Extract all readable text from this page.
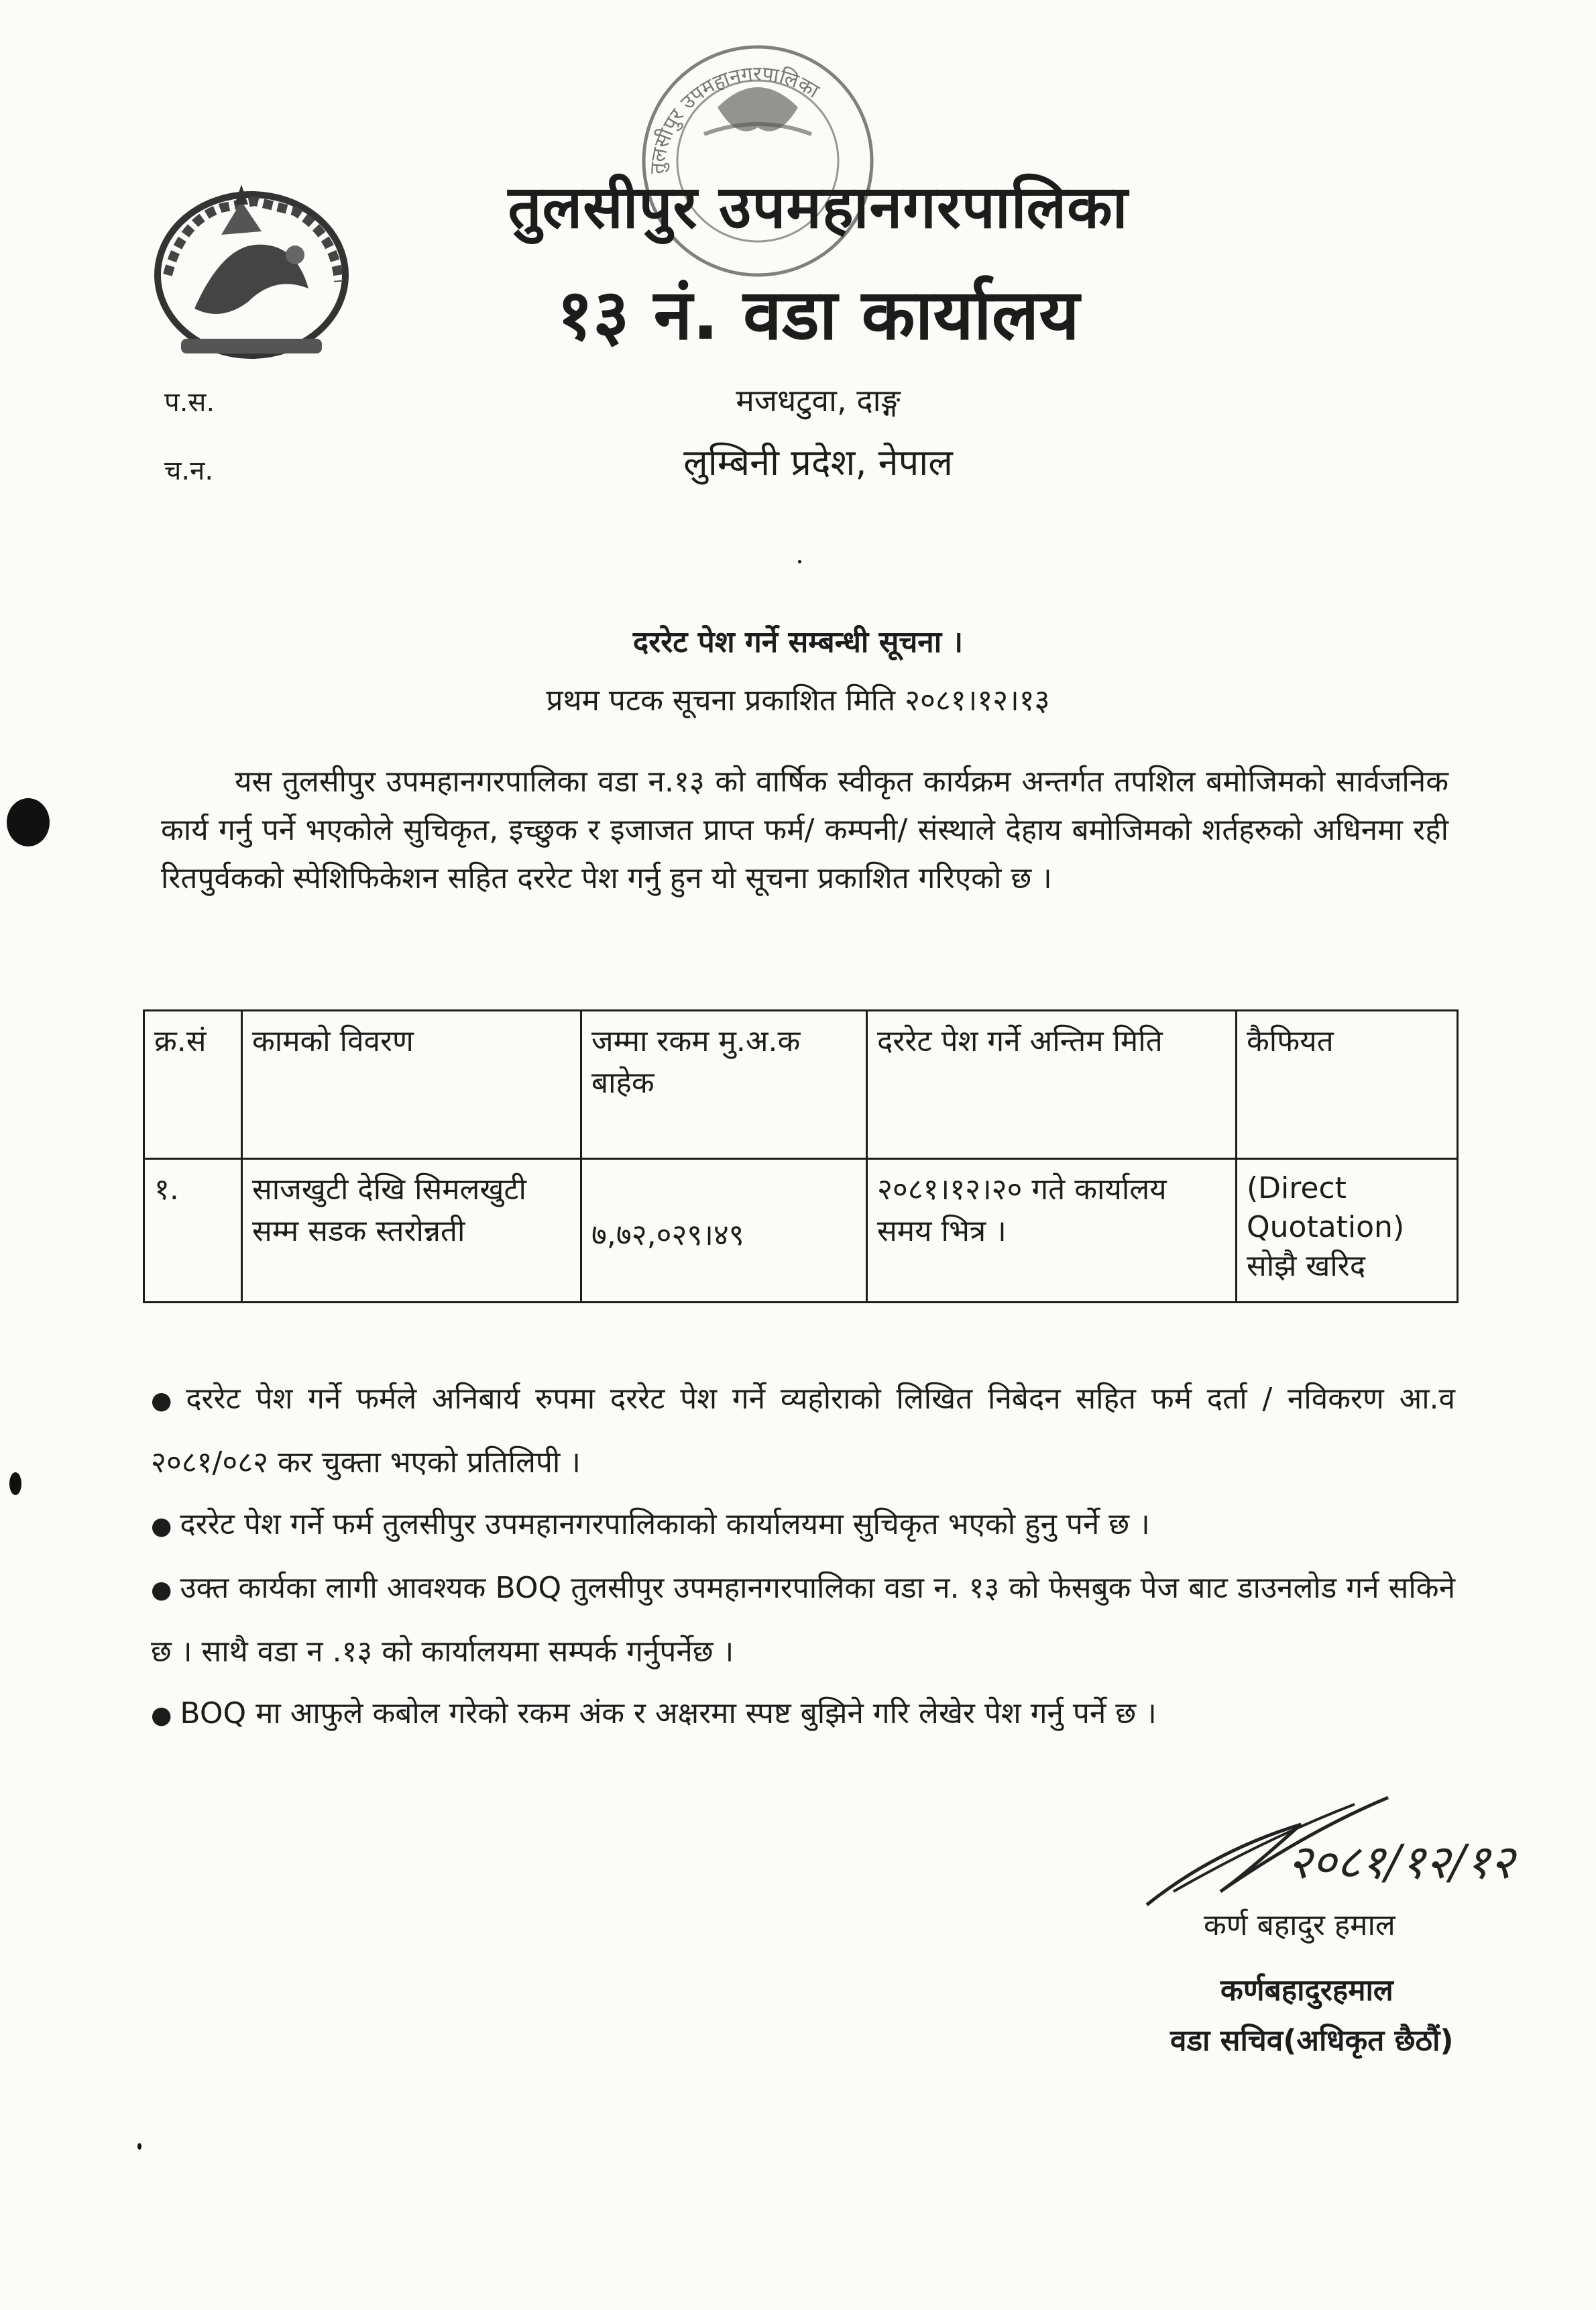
तुलसीपुर उपमहानगरपालिका
तुलसीपुर उपमहानगरपालिका
१३ नं. वडा कार्यालय
मजधटुवा, दाङ्ग
लुम्बिनी प्रदेश, नेपाल
प.स.
च.न.
दररेट पेश गर्ने सम्बन्धी सूचना ।
प्रथम पटक सूचना प्रकाशित मिति २०८१।१२।१३
यस तुलसीपुर उपमहानगरपालिका वडा न.१३ को वार्षिक स्वीकृत कार्यक्रम अन्तर्गत तपशिल बमोजिमको सार्वजनिक कार्य गर्नु पर्ने भएकोले सुचिकृत, इच्छुक र इजाजत प्राप्त फर्म/ कम्पनी/ संस्थाले देहाय बमोजिमको शर्तहरुको अधिनमा रही रितपुर्वकको स्पेशिफिकेशन सहित दररेट पेश गर्नु हुन यो सूचना प्रकाशित गरिएको छ ।
क्र.सं	कामको विवरण	जम्मा रकम मु.अ.क बाहेक	दररेट पेश गर्ने अन्तिम मिति	कैफियत
१.	साजखुटी देखि सिमलखुटी सम्म सडक स्तरोन्नती	७,७२,०२९।४९	२०८१।१२।२० गते कार्यालय समय भित्र ।	(Direct Quotation)
सोझै खरिद

● दररेट पेश गर्ने फर्मले अनिबार्य रुपमा दररेट पेश गर्ने व्यहोराको लिखित निबेदन सहित फर्म दर्ता / नविकरण आ.व २०८१/०८२ कर चुक्ता भएको प्रतिलिपी ।

● दररेट पेश गर्ने फर्म तुलसीपुर उपमहानगरपालिकाको कार्यालयमा सुचिकृत भएको हुनु पर्ने छ ।

● उक्त कार्यका लागी आवश्यक BOQ तुलसीपुर उपमहानगरपालिका वडा न. १३ को फेसबुक पेज बाट डाउनलोड गर्न सकिने छ । साथै वडा न .१३ को कार्यालयमा सम्पर्क गर्नुपर्नेछ ।

● BOQ मा आफुले कबोल गरेको रकम अंक र अक्षरमा स्पष्ट बुझिने गरि लेखेर पेश गर्नु पर्ने छ ।

२०८१/१२/१२
कर्ण बहादुर हमाल
कर्णबहादुरहमाल
वडा सचिव(अधिकृत छैठौं)
